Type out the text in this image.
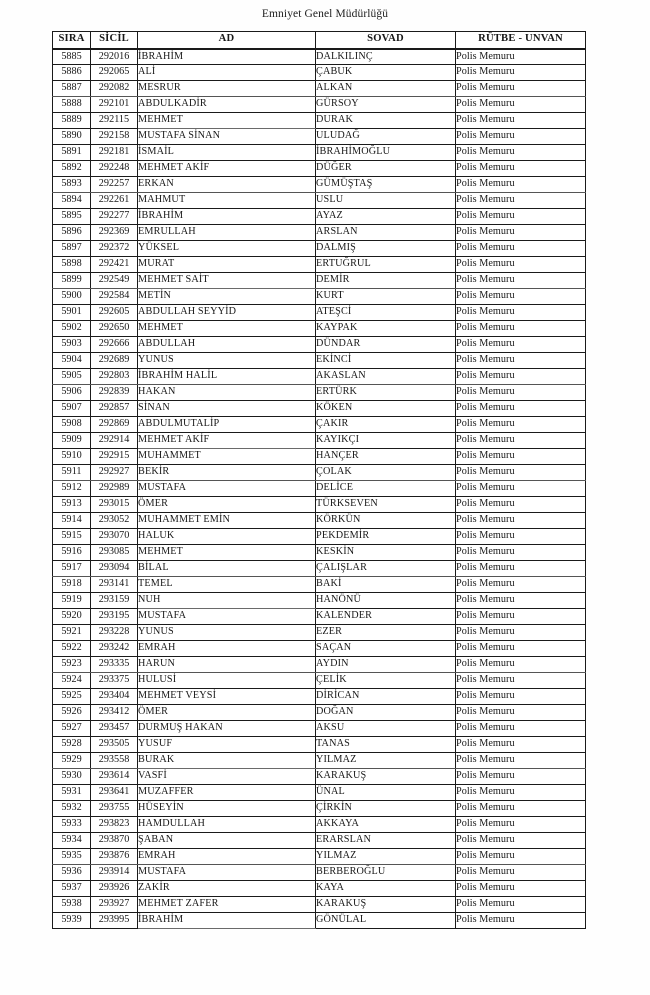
Emniyet Genel Müdürlüğü
SIRA	SİCİL	AD	SOVAD	RÜTBE - UNVAN
5885	292016	İBRAHİM	DALKILINÇ	Polis Memuru
5886	292065	ALİ	ÇABUK	Polis Memuru
5887	292082	MESRUR	ALKAN	Polis Memuru
5888	292101	ABDULKADİR	GÜRSOY	Polis Memuru
5889	292115	MEHMET	DURAK	Polis Memuru
5890	292158	MUSTAFA SİNAN	ULUDAĞ	Polis Memuru
5891	292181	İSMAİL	İBRAHİMOĞLU	Polis Memuru
5892	292248	MEHMET AKİF	DÜĞER	Polis Memuru
5893	292257	ERKAN	GÜMÜŞTAŞ	Polis Memuru
5894	292261	MAHMUT	USLU	Polis Memuru
5895	292277	İBRAHİM	AYAZ	Polis Memuru
5896	292369	EMRULLAH	ARSLAN	Polis Memuru
5897	292372	YÜKSEL	DALMIŞ	Polis Memuru
5898	292421	MURAT	ERTUĞRUL	Polis Memuru
5899	292549	MEHMET SAİT	DEMİR	Polis Memuru
5900	292584	METİN	KURT	Polis Memuru
5901	292605	ABDULLAH SEYYİD	ATEŞCİ	Polis Memuru
5902	292650	MEHMET	KAYPAK	Polis Memuru
5903	292666	ABDULLAH	DÜNDAR	Polis Memuru
5904	292689	YUNUS	EKİNCİ	Polis Memuru
5905	292803	İBRAHİM HALİL	AKASLAN	Polis Memuru
5906	292839	HAKAN	ERTÜRK	Polis Memuru
5907	292857	SİNAN	KÖKEN	Polis Memuru
5908	292869	ABDULMUTALİP	ÇAKIR	Polis Memuru
5909	292914	MEHMET AKİF	KAYIKÇI	Polis Memuru
5910	292915	MUHAMMET	HANÇER	Polis Memuru
5911	292927	BEKİR	ÇOLAK	Polis Memuru
5912	292989	MUSTAFA	DELİCE	Polis Memuru
5913	293015	ÖMER	TÜRKSEVEN	Polis Memuru
5914	293052	MUHAMMET EMİN	KÖRKÜN	Polis Memuru
5915	293070	HALUK	PEKDEMİR	Polis Memuru
5916	293085	MEHMET	KESKİN	Polis Memuru
5917	293094	BİLAL	ÇALIŞLAR	Polis Memuru
5918	293141	TEMEL	BAKİ	Polis Memuru
5919	293159	NUH	HANÖNÜ	Polis Memuru
5920	293195	MUSTAFA	KALENDER	Polis Memuru
5921	293228	YUNUS	EZER	Polis Memuru
5922	293242	EMRAH	SAÇAN	Polis Memuru
5923	293335	HARUN	AYDIN	Polis Memuru
5924	293375	HULUSİ	ÇELİK	Polis Memuru
5925	293404	MEHMET VEYSİ	DİRİCAN	Polis Memuru
5926	293412	ÖMER	DOĞAN	Polis Memuru
5927	293457	DURMUŞ HAKAN	AKSU	Polis Memuru
5928	293505	YUSUF	TANAS	Polis Memuru
5929	293558	BURAK	YILMAZ	Polis Memuru
5930	293614	VASFİ	KARAKUŞ	Polis Memuru
5931	293641	MUZAFFER	ÜNAL	Polis Memuru
5932	293755	HÜSEYİN	ÇİRKİN	Polis Memuru
5933	293823	HAMDULLAH	AKKAYA	Polis Memuru
5934	293870	ŞABAN	ERARSLAN	Polis Memuru
5935	293876	EMRAH	YILMAZ	Polis Memuru
5936	293914	MUSTAFA	BERBEROĞLU	Polis Memuru
5937	293926	ZAKİR	KAYA	Polis Memuru
5938	293927	MEHMET ZAFER	KARAKUŞ	Polis Memuru
5939	293995	İBRAHİM	GÖNÜLAL	Polis Memuru
